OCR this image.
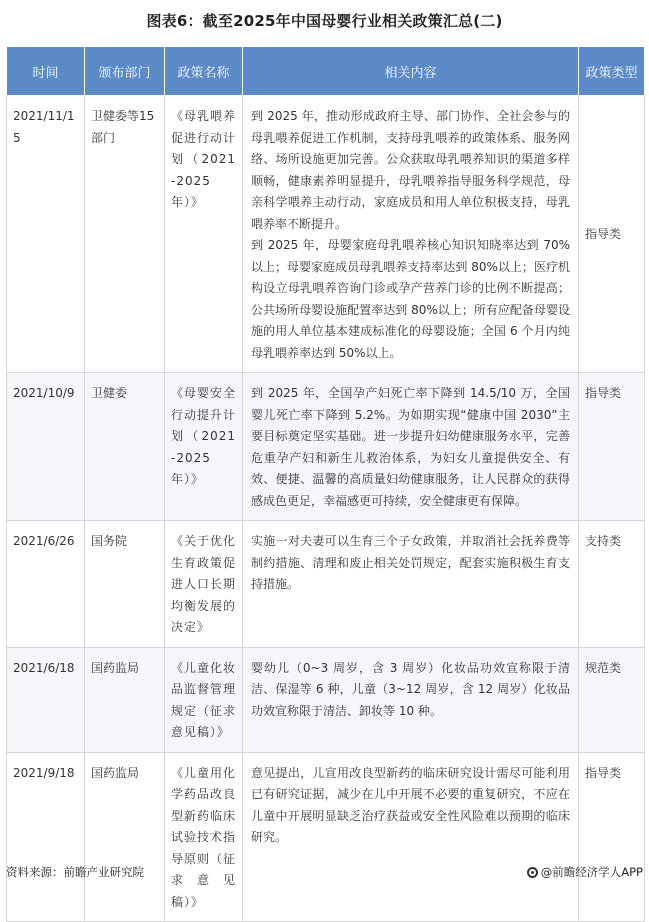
图表6：截至2025年中国母婴行业相关政策汇总(二)
时间	颁布部门	政策名称	相关内容	政策类型
2021/11/15	卫健委等15部门	《母乳喂养促进行动计划（2021-2025年）》	到 2025 年，推动形成政府主导、部门协作、全社会参与的母乳喂养促进工作机制，支持母乳喂养的政策体系、服务网络、场所设施更加完善。公众获取母乳喂养知识的渠道多样顺畅，健康素养明显提升，母乳喂养指导服务科学规范，母亲科学喂养主动行动，家庭成员和用人单位积极支持，母乳喂养率不断提升。

到 2025 年，母婴家庭母乳喂养核心知识知晓率达到 70%以上；母婴家庭成员母乳喂养支持率达到 80%以上；医疗机构设立母乳喂养咨询门诊或孕产营养门诊的比例不断提高；公共场所母婴设施配置率达到 80%以上；所有应配备母婴设施的用人单位基本建成标准化的母婴设施；全国 6 个月内纯母乳喂养率达到 50%以上。	指导类
2021/10/9	卫健委	《母婴安全行动提升计划（2021-2025年）》	到 2025 年，全国孕产妇死亡率下降到 14.5/10 万，全国婴儿死亡率下降到 5.2%。为如期实现“健康中国 2030”主要目标奠定坚实基础。进一步提升妇幼健康服务水平，完善危重孕产妇和新生儿救治体系，为妇女儿童提供安全、有效、便捷、温馨的高质量妇幼健康服务，让人民群众的获得感成色更足，幸福感更可持续，安全健康更有保障。	指导类
2021/6/26	国务院	《关于优化生育政策促进人口长期均衡发展的决定》	实施一对夫妻可以生育三个子女政策，并取消社会抚养费等制约措施、清理和废止相关处罚规定，配套实施积极生育支持措施。	支持类
2021/6/18	国药监局	《儿童化妆品监督管理规定（征求意见稿）》	婴幼儿（0~3 周岁，含 3 周岁）化妆品功效宣称限于清洁、保湿等 6 种，儿童（3~12 周岁，含 12 周岁）化妆品功效宣称限于清洁、卸妆等 10 种。	规范类
2021/9/18	国药监局	《儿童用化学药品改良型新药临床试验技术指导原则（征求意见稿）》	意见提出，儿宣用改良型新药的临床研究设计需尽可能利用已有研究证据，减少在儿中开展不必要的重复研究，不应在儿童中开展明显缺乏治疗获益或安全性风险难以预期的临床研究。	指导类
资料来源：前瞻产业研究院	@前瞻经济学人APP
